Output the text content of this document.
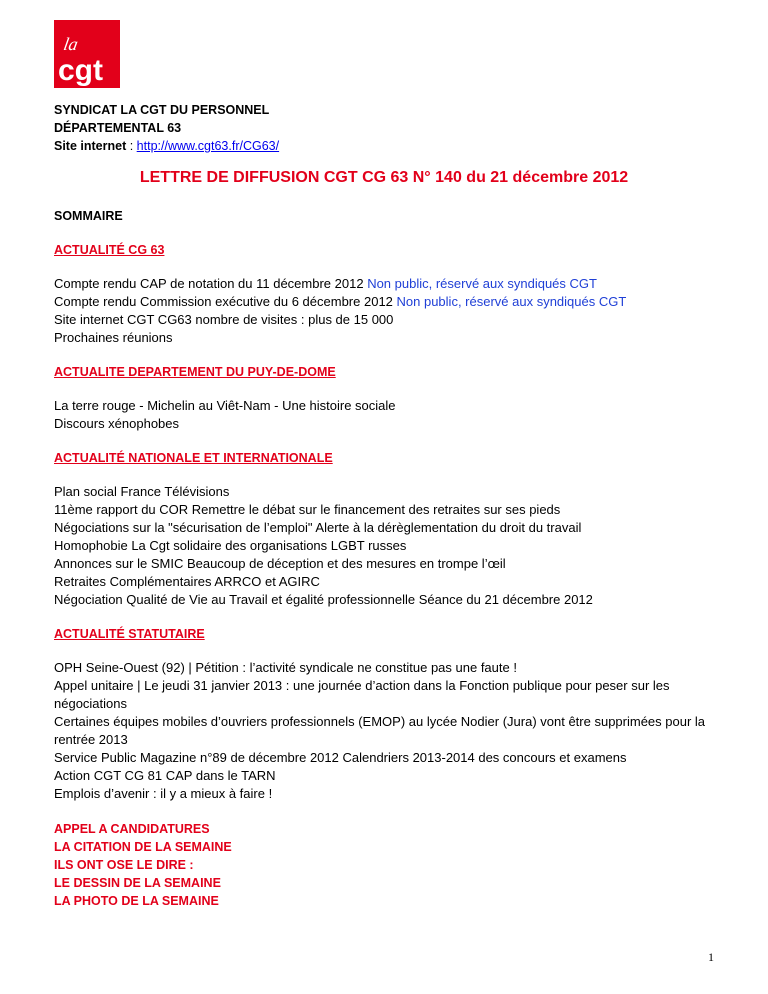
la
cgt
SYNDICAT LA CGT DU PERSONNEL
DÉPARTEMENTAL 63
Site internet : http://www.cgt63.fr/CG63/
LETTRE DE DIFFUSION CGT CG 63 N° 140 du 21 décembre 2012
SOMMAIRE
ACTUALITÉ CG 63
Compte rendu CAP de notation du 11 décembre 2012 Non public, réservé aux syndiqués CGT
Compte rendu Commission exécutive du 6 décembre 2012 Non public, réservé aux syndiqués CGT
Site internet CGT CG63 nombre de visites : plus de 15 000
Prochaines réunions
ACTUALITE DEPARTEMENT DU PUY-DE-DOME
La terre rouge - Michelin au Viêt-Nam - Une histoire sociale
Discours xénophobes
ACTUALITÉ NATIONALE ET INTERNATIONALE
Plan social France Télévisions
11ème rapport du COR Remettre le débat sur le financement des retraites sur ses pieds
Négociations sur la "sécurisation de l’emploi" Alerte à la dérèglementation du droit du travail
Homophobie La Cgt solidaire des organisations LGBT russes
Annonces sur le SMIC Beaucoup de déception et des mesures en trompe l’œil
Retraites Complémentaires ARRCO et AGIRC
Négociation Qualité de Vie au Travail et égalité professionnelle Séance du 21 décembre 2012
ACTUALITÉ STATUTAIRE
OPH Seine-Ouest (92) | Pétition : l’activité syndicale ne constitue pas une faute !
Appel unitaire | Le jeudi 31 janvier 2013 : une journée d’action dans la Fonction publique pour peser sur les négociations
Certaines équipes mobiles d’ouvriers professionnels (EMOP) au lycée Nodier (Jura) vont être supprimées pour la rentrée 2013
Service Public Magazine n°89 de décembre 2012 Calendriers 2013-2014 des concours et examens
Action CGT CG 81 CAP dans le TARN
Emplois d’avenir : il y a mieux à faire !
APPEL A CANDIDATURES
LA CITATION DE LA SEMAINE
ILS ONT OSE LE DIRE :
LE DESSIN DE LA SEMAINE
LA PHOTO DE LA SEMAINE
1
